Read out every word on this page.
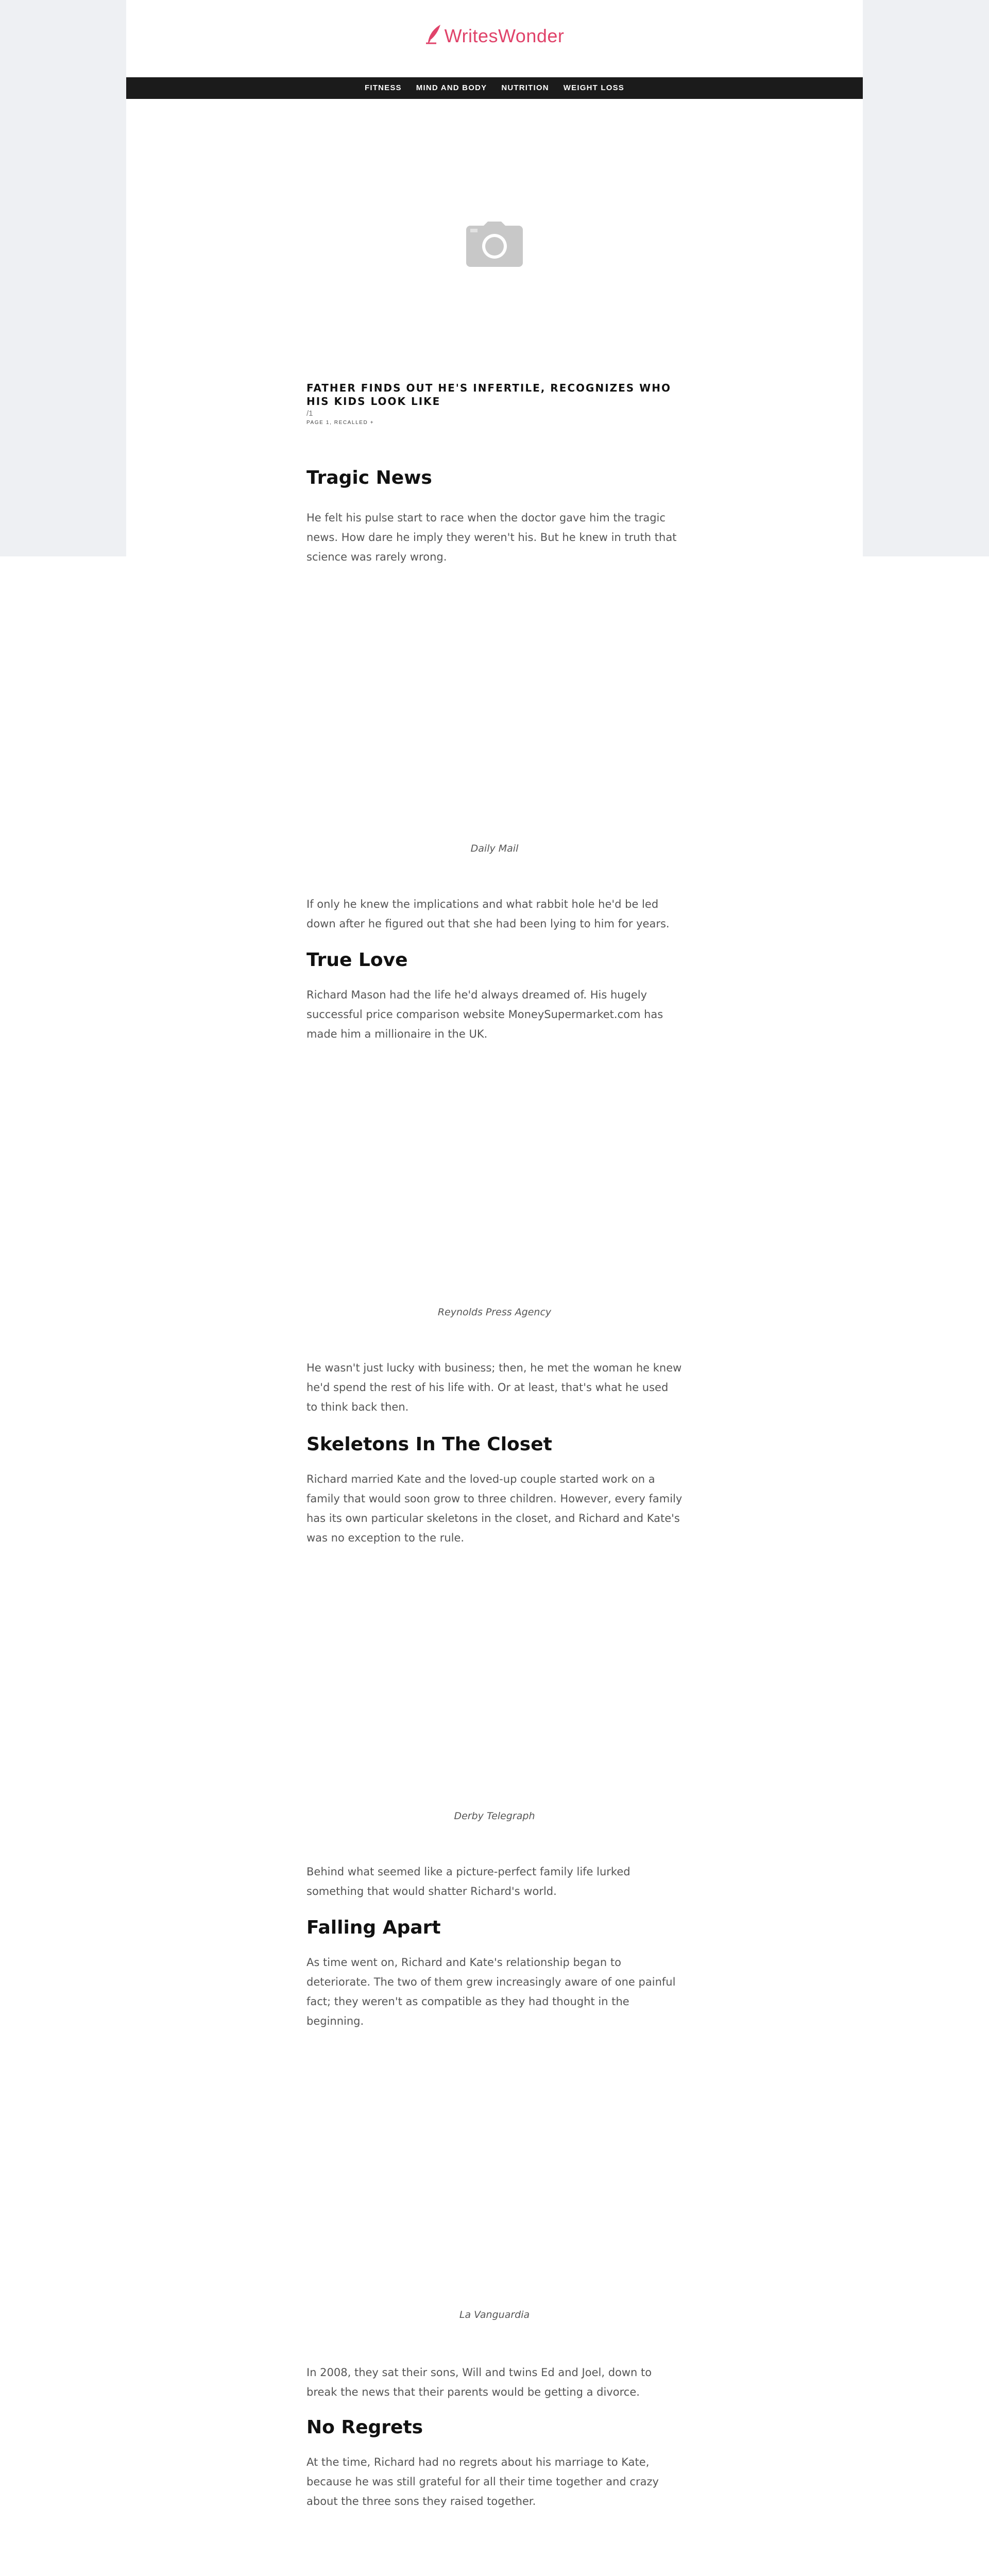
WritesWonder
FITNESS MIND AND BODY NUTRITION WEIGHT LOSS
FATHER FINDS OUT HE'S INFERTILE, RECOGNIZES WHO HIS KIDS LOOK LIKE
/1
PAGE 1, RECALLED +
Tragic News

He felt his pulse start to race when the doctor gave him the tragic news. How dare he imply they weren't his. But he knew in truth that science was rarely wrong.

Daily Mail

If only he knew the implications and what rabbit hole he'd be led down after he figured out that she had been lying to him for years.

True Love

Richard Mason had the life he'd always dreamed of. His hugely successful price comparison website MoneySupermarket.com has made him a millionaire in the UK.

Reynolds Press Agency

He wasn't just lucky with business; then, he met the woman he knew he'd spend the rest of his life with. Or at least, that's what he used to think back then.

Skeletons In The Closet

Richard married Kate and the loved-up couple started work on a family that would soon grow to three children. However, every family has its own particular skeletons in the closet, and Richard and Kate's was no exception to the rule.

Derby Telegraph

Behind what seemed like a picture-perfect family life lurked something that would shatter Richard's world.

Falling Apart

As time went on, Richard and Kate's relationship began to deteriorate. The two of them grew increasingly aware of one painful fact; they weren't as compatible as they had thought in the beginning.

La Vanguardia

In 2008, they sat their sons, Will and twins Ed and Joel, down to break the news that their parents would be getting a divorce.

No Regrets

At the time, Richard had no regrets about his marriage to Kate, because he was still grateful for all their time together and crazy about the three sons they raised together.
